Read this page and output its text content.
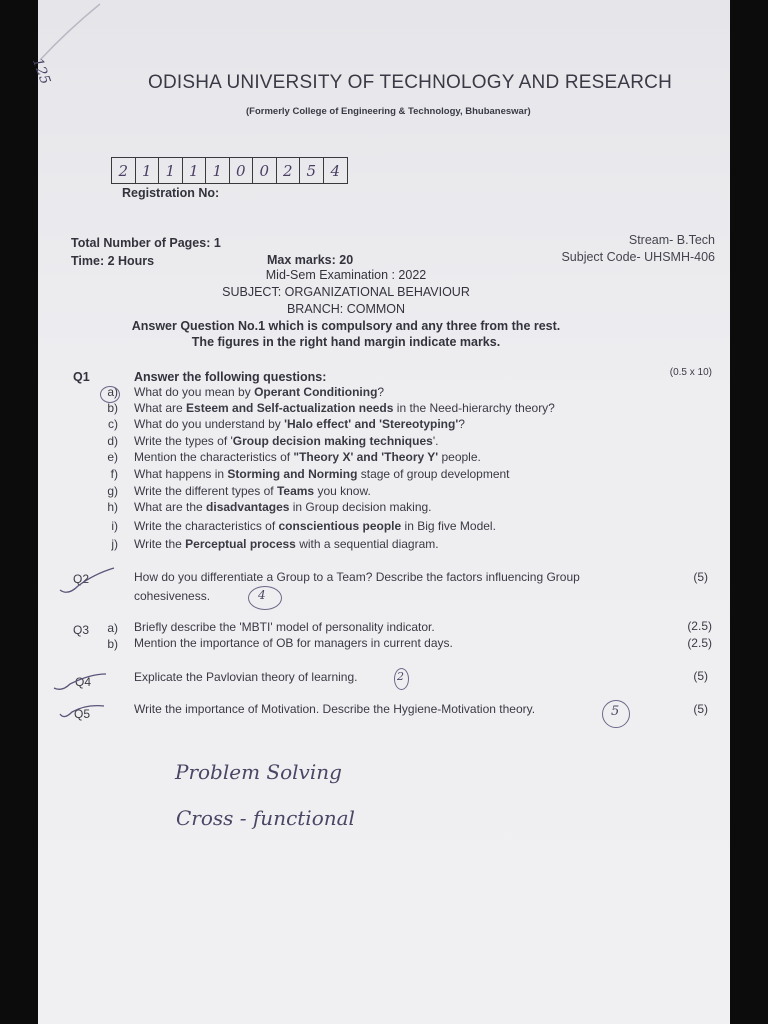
125	ODISHA UNIVERSITY OF TECHNOLOGY AND RESEARCH
(Formerly College of Engineering & Technology, Bhubaneswar)
2 1 1 1 1 0 0 2 5 4
Registration No:
Total Number of Pages: 1
Time: 2 Hours	Max marks: 20
Stream- B.Tech
Subject Code- UHSMH-406
Mid-Sem Examination : 2022
SUBJECT: ORGANIZATIONAL BEHAVIOUR
BRANCH: COMMON
Answer Question No.1 which is compulsory and any three from the rest.
The figures in the right hand margin indicate marks.
Q1	Answer the following questions:	(0.5 x 10)
a) What do you mean by Operant Conditioning?
b) What are Esteem and Self-actualization needs in the Need-hierarchy theory?
c) What do you understand by 'Halo effect' and 'Stereotyping'?
d) Write the types of 'Group decision making techniques'.
e) Mention the characteristics of "Theory X' and 'Theory Y' people.
f) What happens in Storming and Norming stage of group development
g) Write the different types of Teams you know.
h) What are the disadvantages in Group decision making.
i) Write the characteristics of conscientious people in Big five Model.
j) Write the Perceptual process with a sequential diagram.
Q2	How do you differentiate a Group to a Team? Describe the factors influencing Group
cohesiveness.
(5)
4
Q3	a) Briefly describe the 'MBTI' model of personality indicator.	(2.5)
b) Mention the importance of OB for managers in current days.	(2.5)
Q4	Explicate the Pavlovian theory of learning.	(5)
2
Q5	Write the importance of Motivation. Describe the Hygiene-Motivation theory.	(5)
5
Problem Solving
Cross - functional
